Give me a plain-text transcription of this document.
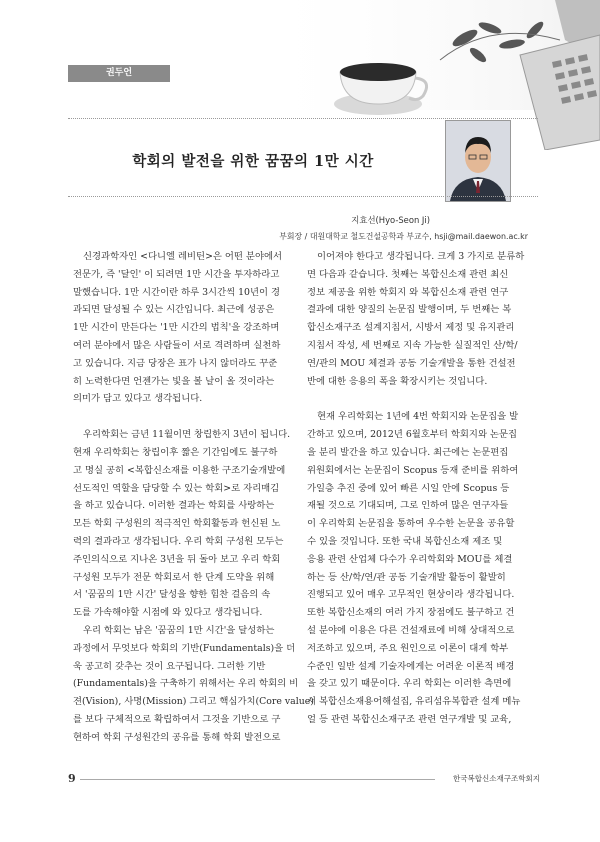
권두언
학회의 발전을 위한 꿈꿈의 1만 시간
지효선(Hyo-Seon Ji)
부회장 / 대원대학교 철도건설공학과 부교수, hsji@mail.daewon.ac.kr

신경과학자인 <다니엘 레비틴>은 어떤 분야에서
전문가, 즉 '달인' 이 되려면 1만 시간을 투자하라고
말했습니다. 1만 시간이란 하루 3시간씩 10년이 경
과되면 달성될 수 있는 시간입니다. 최근에 성공은
1만 시간이 만든다는 '1만 시간의 법칙'을 강조하며
여러 분야에서 많은 사람들이 서로 격려하며 실천하
고 있습니다. 지금 당장은 표가 나지 않더라도 꾸준
히 노력한다면 언젠가는 빛을 볼 날이 올 것이라는
의미가 담고 있다고 생각됩니다.

우리학회는 금년 11월이면 창립한지 3년이 됩니다.
현재 우리학회는 창립이후 짧은 기간임에도 불구하
고 명실 공히 <복합신소재를 이용한 구조기술개발에
선도적인 역할을 담당할 수 있는 학회>로 자리매김
을 하고 있습니다. 이러한 결과는 학회를 사랑하는
모든 학회 구성원의 적극적인 학회활동과 헌신된 노
력의 결과라고 생각됩니다. 우리 학회 구성원 모두는
주인의식으로 지나온 3년을 뒤 돌아 보고 우리 학회
구성원 모두가 전문 학회로서 한 단계 도약을 위해
서 '꿈꿈의 1만 시간' 달성을 향한 힘찬 걸음의 속
도를 가속해야할 시점에 와 있다고 생각됩니다.

우리 학회는 남은 '꿈꿈의 1만 시간'을 달성하는
과정에서 무엇보다 학회의 기반(Fundamentals)을 더
욱 공고히 갖추는 것이 요구됩니다. 그러한 기반
(Fundamentals)을 구축하기 위해서는 우리 학회의 비
젼(Vision), 사명(Mission) 그리고 핵심가치(Core value)
를 보다 구체적으로 확립하여서 그것을 기반으로 구
현하여 학회 구성원간의 공유를 통해 학회 발전으로

이어져야 한다고 생각됩니다. 크게 3 가지로 분류하
면 다음과 같습니다. 첫째는 복합신소재 관련 최신
정보 제공을 위한 학회지 와 복합신소재 관련 연구
결과에 대한 양질의 논문집 발행이며, 두 번째는 복
합신소재구조 설계지침서, 시방서 제정 및 유지관리
지침서 작성, 세 번째로 지속 가능한 실질적인 산/학/
연/관의 MOU 체결과 공동 기술개발을 통한 건설전
반에 대한 응용의 폭을 확장시키는 것입니다.

현재 우리학회는 1년에 4번 학회지와 논문집을 발
간하고 있으며, 2012년 6월호부터 학회지와 논문집
을 분리 발간을 하고 있습니다. 최근에는 논문편집
위원회에서는 논문집이 Scopus 등재 준비를 위하여
가일층 추진 중에 있어 빠른 시일 안에 Scopus 등
재될 것으로 기대되며, 그로 인하여 많은 연구자들
이 우리학회 논문집을 통하여 우수한 논문을 공유할
수 있을 것입니다. 또한 국내 복합신소재 제조 및
응용 관련 산업체 다수가 우리학회와 MOU를 체결
하는 등 산/학/연/관 공동 기술개발 활동이 활발히
진행되고 있어 매우 고무적인 현상이라 생각됩니다.
또한 복합신소재의 여러 가지 장점에도 불구하고 건
설 분야에 이용은 다른 건설재료에 비해 상대적으로
저조하고 있으며, 주요 원인으로 이론이 대게 학부
수준인 일반 설계 기술자에게는 어려운 이론적 배경
을 갖고 있기 때문이다. 우리 학회는 이러한 측면에
서 복합신소재용어해설집, 유리섬유복합관 설계 메뉴
얼 등 관련 복합신소재구조 관련 연구개발 및 교육,

9	한국복합신소재구조학회지
